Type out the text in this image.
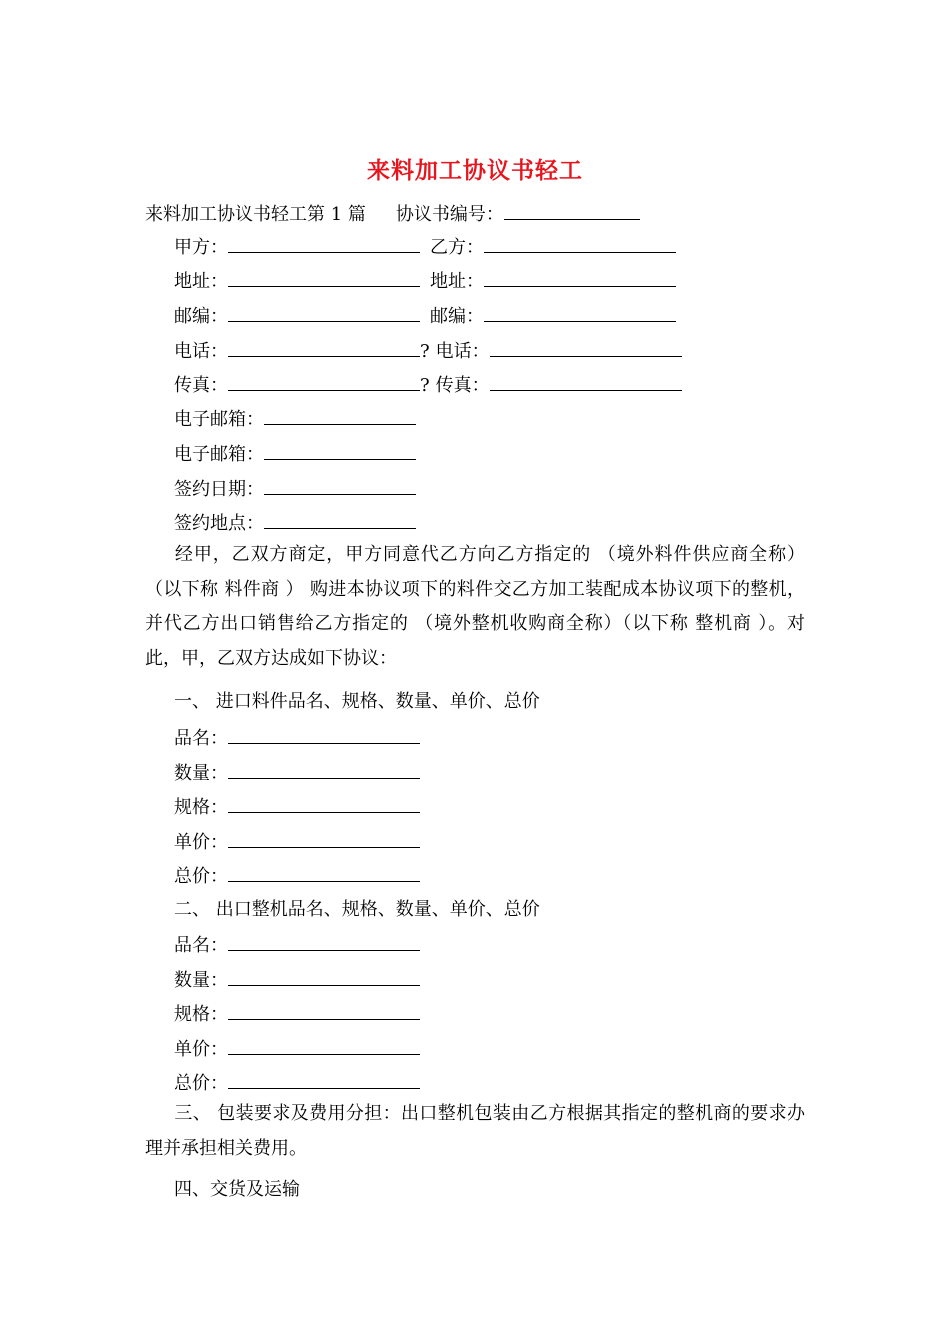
来料加工协议书轻工
来料加工协议书轻工第 1 篇 协议书编号：
甲方：	乙方：
地址：	地址：
邮编：	邮编：
电话：	? 电话：
传真：	? 传真：
电子邮箱：
电子邮箱：
签约日期：
签约地点：
经甲，乙双方商定，甲方同意代乙方向乙方指定的 （境外料件供应商全称） （以下称 料件商 ） 购进本协议项下的料件交乙方加工装配成本协议项下的整机，并代乙方出口销售给乙方指定的 （境外整机收购商全称）（以下称 整机商 ）。对此，甲，乙双方达成如下协议：
一、 进口料件品名、规格、数量、单价、总价
品名：
数量：
规格：
单价：
总价：
二、 出口整机品名、规格、数量、单价、总价
品名：
数量：
规格：
单价：
总价：
三、 包装要求及费用分担：出口整机包装由乙方根据其指定的整机商的要求办理并承担相关费用。
四、交货及运输
